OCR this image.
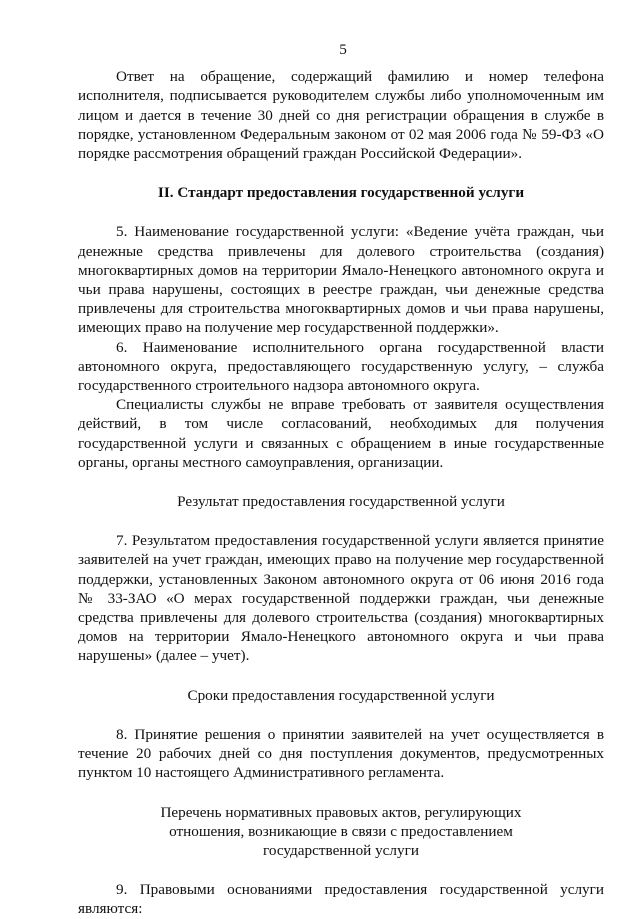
5

Ответ на обращение, содержащий фамилию и номер телефона исполнителя, подписывается руководителем службы либо уполномоченным им лицом и дается в течение 30 дней со дня регистрации обращения в службе в порядке, установленном Федеральным законом от 02 мая 2006 года № 59-ФЗ «О порядке рассмотрения обращений граждан Российской Федерации».

II. Стандарт предоставления государственной услуги

5. Наименование государственной услуги: «Ведение учёта граждан, чьи денежные средства привлечены для долевого строительства (создания) многоквартирных домов на территории Ямало-Ненецкого автономного округа и чьи права нарушены, состоящих в реестре граждан, чьи денежные средства привлечены для строительства многоквартирных домов и чьи права нарушены, имеющих право на получение мер государственной поддержки».

6. Наименование исполнительного органа государственной власти автономного округа, предоставляющего государственную услугу, – служба государственного строительного надзора автономного округа.

Специалисты службы не вправе требовать от заявителя осуществления действий, в том числе согласований, необходимых для получения государственной услуги и связанных с обращением в иные государственные органы, органы местного самоуправления, организации.

Результат предоставления государственной услуги

7. Результатом предоставления государственной услуги является принятие заявителей на учет граждан, имеющих право на получение мер государственной поддержки, установленных Законом автономного округа от 06 июня 2016 года № 33-ЗАО «О мерах государственной поддержки граждан, чьи денежные средства привлечены для долевого строительства (создания) многоквартирных домов на территории Ямало-Ненецкого автономного округа и чьи права нарушены» (далее – учет).

Сроки предоставления государственной услуги

8. Принятие решения о принятии заявителей на учет осуществляется в течение 20 рабочих дней со дня поступления документов, предусмотренных пунктом 10 настоящего Административного регламента.

Перечень нормативных правовых актов, регулирующих
отношения, возникающие в связи с предоставлением
государственной услуги

9. Правовыми основаниями предоставления государственной услуги являются:
